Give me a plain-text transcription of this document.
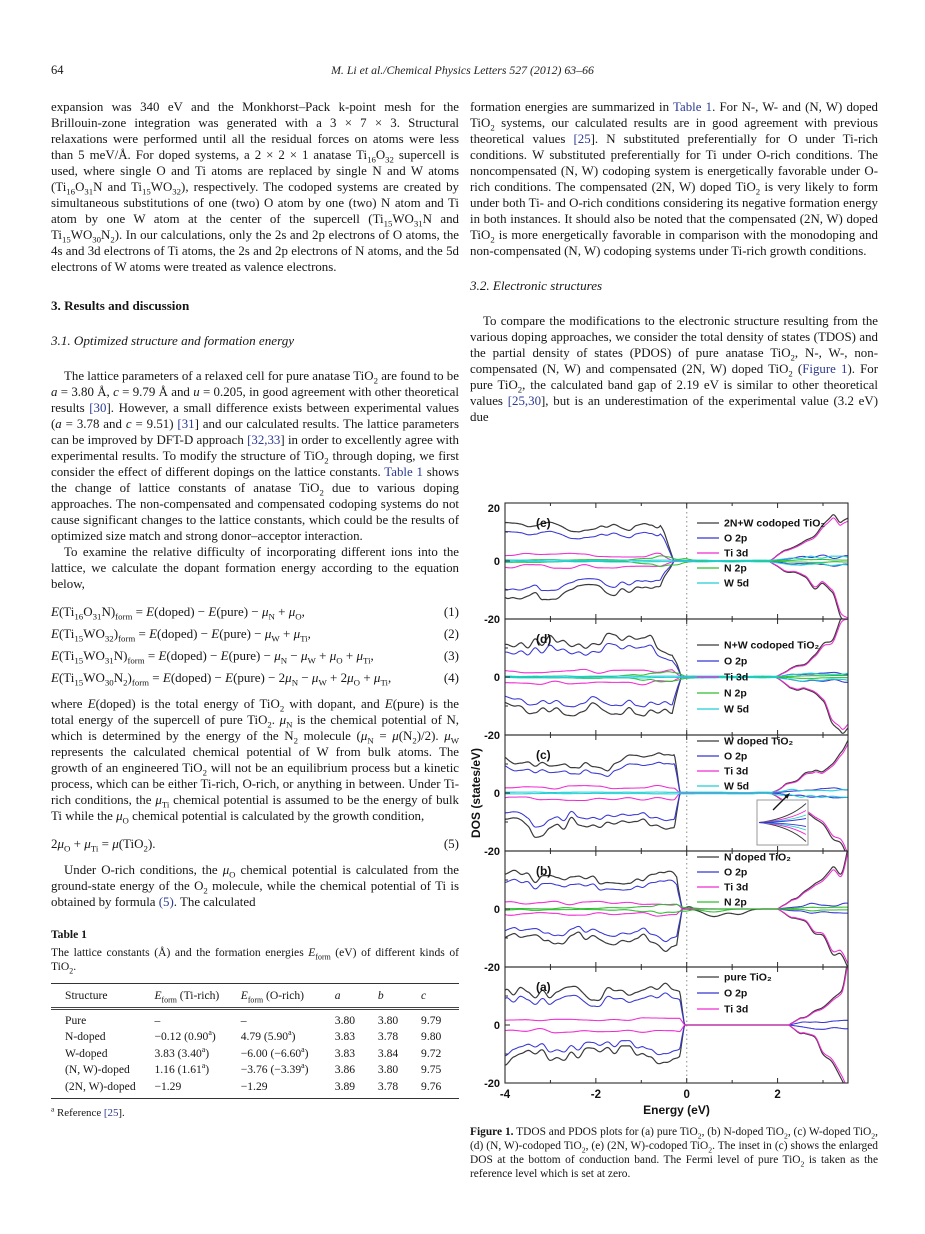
64	M. Li et al./Chemical Physics Letters 527 (2012) 63–66

expansion was 340 eV and the Monkhorst–Pack k-point mesh for the Brillouin-zone integration was generated with a 3 × 7 × 3. Structural relaxations were performed until all the residual forces on atoms were less than 5 meV/Å. For doped systems, a 2 × 2 × 1 anatase $Ti_{16}O_{32}$ supercell is used, where single O and Ti atoms are replaced by single N and W atoms ($Ti_{16}O_{31}N$ and $Ti_{15}WO_{32}$), respectively. The codoped systems are created by simultaneous substitutions of one (two) O atom by one (two) N atom and Ti atom by one W atom at the center of the supercell ($Ti_{15}WO_{31}N$ and $Ti_{15}WO_{30}N_2$). In our calculations, only the 2s and 2p electrons of O atoms, the 4s and 3d electrons of Ti atoms, the 2s and 2p electrons of N atoms, and the 5d electrons of W atoms were treated as valence electrons.

3. Results and discussion
3.1. Optimized structure and formation energy

The lattice parameters of a relaxed cell for pure anatase TiO$_2$ are found to be a = 3.80 Å, c = 9.79 Å and u = 0.205, in good agreement with other theoretical results [30]. However, a small difference exists between experimental values (a = 3.78 and c = 9.51) [31] and our calculated results. The lattice parameters can be improved by DFT-D approach [32,33] in order to excellently agree with experimental results. To modify the structure of TiO$_2$ through doping, we first consider the effect of different dopings on the lattice constants. Table 1 shows the change of lattice constants of anatase TiO$_2$ due to various doping approaches. The non-compensated and compensated codoping systems do not cause significant changes to the lattice constants, which could be the results of optimized size match and strong donor–acceptor interaction.

To examine the relative difficulty of incorporating different ions into the lattice, we calculate the dopant formation energy according to the equation below,

$E(Ti_{16}O_{31}N)_{form}$ = E(doped) − E(pure) − $\mu_N + \mu_O$,	(1)
$E(Ti_{15}WO_{32})_{form}$ = E(doped) − E(pure) − $\mu_W + \mu_{Ti}$,	(2)
$E(Ti_{15}WO_{31}N)_{form}$ = E(doped) − E(pure) − $\mu_N - \mu_W + \mu_O + \mu_{Ti}$,	(3)
$E(Ti_{15}WO_{30}N_2)_{form}$ = E(doped) − E(pure) − $2\mu_N - \mu_W + 2\mu_O + \mu_{Ti}$,	(4)

where E(doped) is the total energy of TiO$_2$ with dopant, and E(pure) is the total energy of the supercell of pure TiO$_2$. $\mu_N$ is the chemical potential of N, which is determined by the energy of the $N_2$ molecule $(\mu_N = \mu(N_2)/2)$. $\mu_W$ represents the calculated chemical potential of W from bulk atoms. The growth of an engineered TiO$_2$ will not be an equilibrium process but a kinetic process, which can be either Ti-rich, O-rich, or anything in between. Under Ti-rich conditions, the $\mu_{Ti}$ chemical potential is assumed to be the energy of bulk Ti while the $\mu_O$ chemical potential is calculated by the growth condition,

$2\mu_O + \mu_{Ti} = \mu(TiO_2)$.	(5)

Under O-rich conditions, the $\mu_O$ chemical potential is calculated from the ground-state energy of the $O_2$ molecule, while the chemical potential of Ti is obtained by formula (5). The calculated

Table 1
The lattice constants (Å) and the formation energies $E_{form}$ (eV) of different kinds of TiO$_2$.
Structure	$E_{form}$ (Ti-rich)	$E_{form}$ (O-rich)	a	b	c
Pure	–	–	3.80	3.80	9.79
N-doped	−0.12 (0.90$^a$)	4.79 (5.90$^a$)	3.83	3.78	9.80
W-doped	3.83 (3.40$^a$)	−6.00 (−6.60$^a$)	3.83	3.84	9.72
(N, W)-doped	1.16 (1.61$^a$)	−3.76 (−3.39$^a$)	3.86	3.80	9.75
(2N, W)-doped	−1.29	−1.29	3.89	3.78	9.76
$^a$ Reference [25].

formation energies are summarized in Table 1. For N-, W- and (N, W) doped TiO$_2$ systems, our calculated results are in good agreement with previous theoretical values [25]. N substituted preferentially for O under Ti-rich conditions. W substituted preferentially for Ti under O-rich conditions. The noncompensated (N, W) codoping system is energetically favorable under O-rich conditions. The compensated (2N, W) doped TiO$_2$ is very likely to form under both Ti- and O-rich conditions considering its negative formation energy in both instances. It should also be noted that the compensated (2N, W) doped TiO$_2$ is more energetically favorable in comparison with the monodoping and non-compensated (N, W) codoping systems under Ti-rich growth conditions.

3.2. Electronic structures

To compare the modifications to the electronic structure resulting from the various doping approaches, we consider the total density of states (TDOS) and the partial density of states (PDOS) of pure anatase TiO$_2$, N-, W-, non-compensated (N, W) and compensated (2N, W) doped TiO$_2$ (Figure 1). For pure TiO$_2$, the calculated band gap of 2.19 eV is similar to other theoretical values [25,30], but is an underestimation of the experimental value (3.2 eV) due

20
0
-20
(e)	2N+W codoped TiO₂
O 2p
Ti 3d
N 2p
W 5d
0
-20
(d)	N+W codoped TiO₂
O 2p
Ti 3d
N 2p
W 5d
0
-20
(c)
W doped TiO₂
O 2p
Ti 3d
W 5d
0
-20
(b)
N doped TiO₂
O 2p
Ti 3d
N 2p
0
-20
(a)
pure TiO₂
O 2p
Ti 3d
-4	-2	0	2
Energy (eV)
DOS (states/eV)
Figure 1. TDOS and PDOS plots for (a) pure TiO$_2$, (b) N-doped TiO$_2$, (c) W-doped TiO$_2$, (d) (N, W)-codoped TiO$_2$, (e) (2N, W)-codoped TiO$_2$. The inset in (c) shows the enlarged DOS at the bottom of conduction band. The Fermi level of pure TiO$_2$ is taken as the reference level which is set at zero.
